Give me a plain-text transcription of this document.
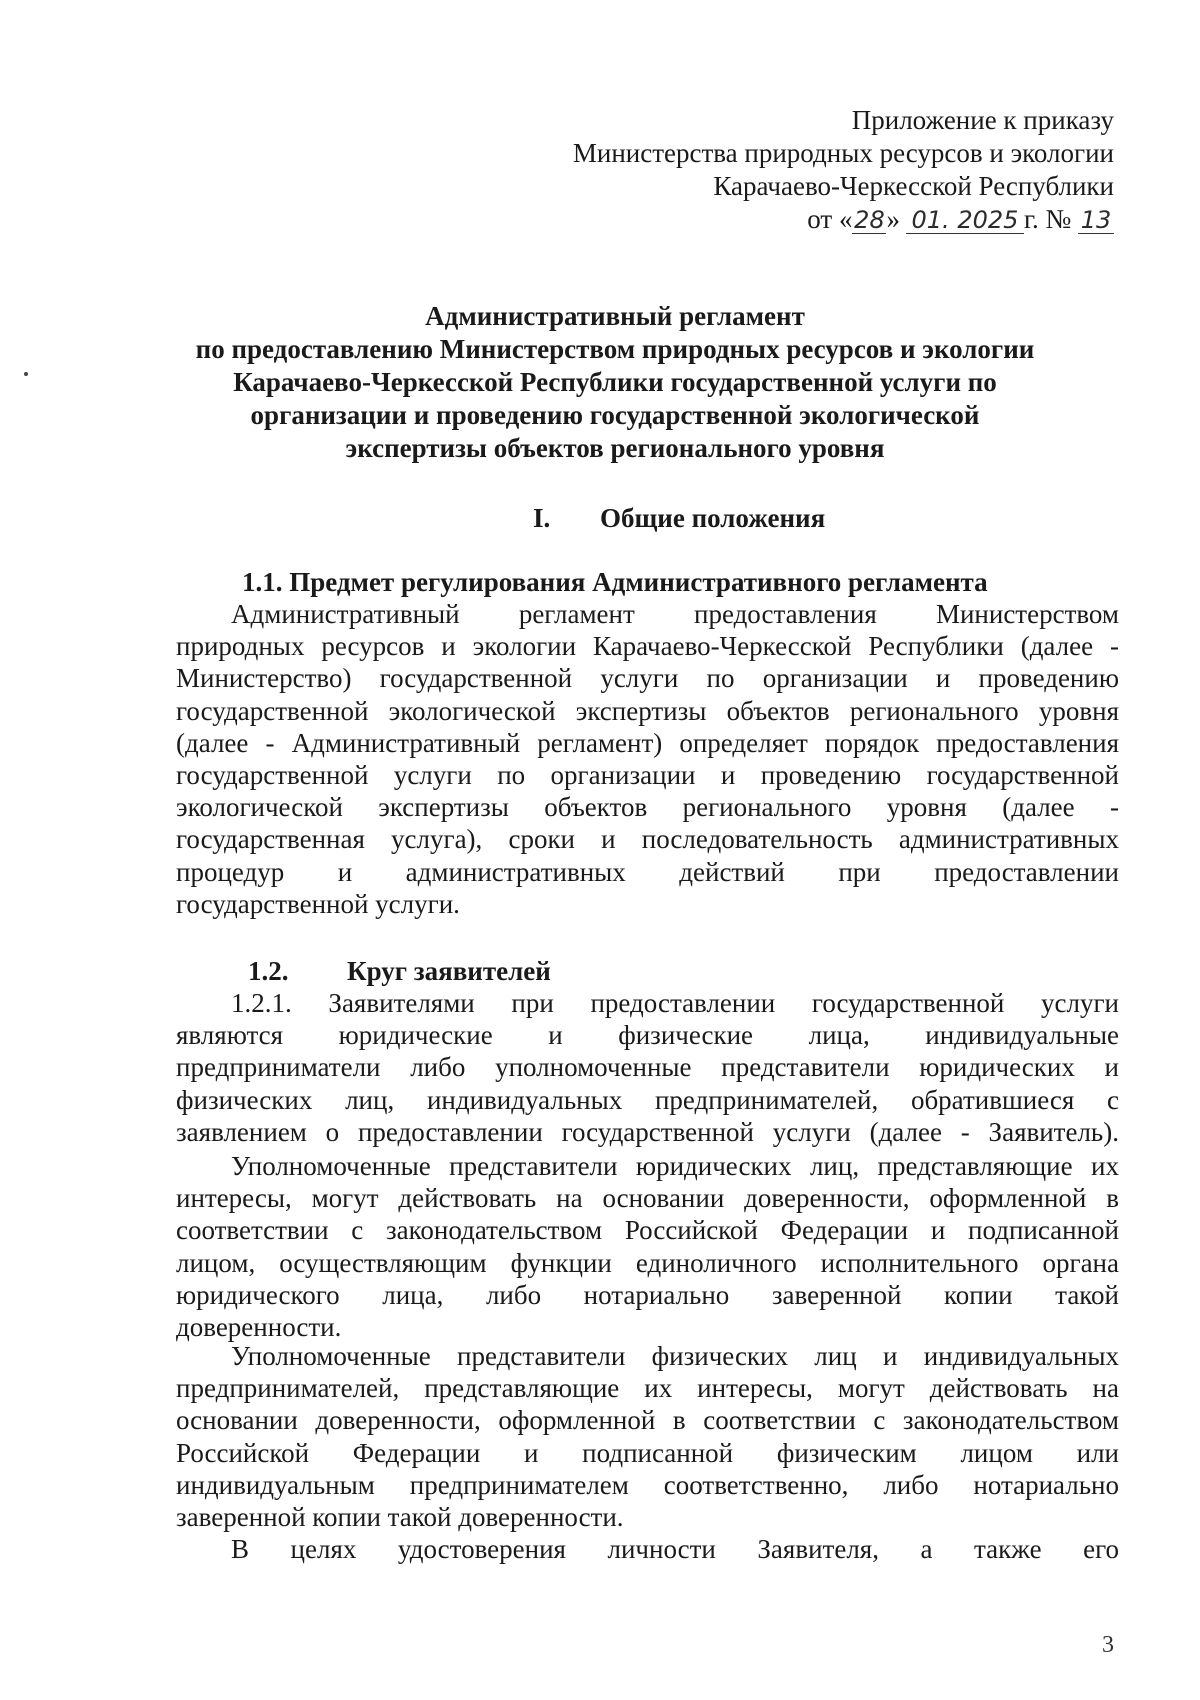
Приложение к приказу
Министерства природных ресурсов и экологии
Карачаево-Черкесской Республики
от «28» 01. 2025 г. № 13
Административный регламент
по предоставлению Министерством природных ресурсов и экологии
Карачаево-Черкесской Республики государственной услуги по
организации и проведению государственной экологической
экспертизы объектов регионального уровня
I. Общие положения
1.1. Предмет регулирования Административного регламента
Административный регламент предоставления Министерством
природных ресурсов и экологии Карачаево-Черкесской Республики (далее -
Министерство) государственной услуги по организации и проведению
государственной экологической экспертизы объектов регионального уровня
(далее - Административный регламент) определяет порядок предоставления
государственной услуги по организации и проведению государственной
экологической экспертизы объектов регионального уровня (далее -
государственная услуга), сроки и последовательность административных
процедур и административных действий при предоставлении
государственной услуги.
1.2. Круг заявителей
1.2.1. Заявителями при предоставлении государственной услуги
являются юридические и физические лица, индивидуальные
предприниматели либо уполномоченные представители юридических и
физических лиц, индивидуальных предпринимателей, обратившиеся с
заявлением о предоставлении государственной услуги (далее - Заявитель).
Уполномоченные представители юридических лиц, представляющие их
интересы, могут действовать на основании доверенности, оформленной в
соответствии с законодательством Российской Федерации и подписанной
лицом, осуществляющим функции единоличного исполнительного органа
юридического лица, либо нотариально заверенной копии такой
доверенности.
Уполномоченные представители физических лиц и индивидуальных
предпринимателей, представляющие их интересы, могут действовать на
основании доверенности, оформленной в соответствии с законодательством
Российской Федерации и подписанной физическим лицом или
индивидуальным предпринимателем соответственно, либо нотариально
заверенной копии такой доверенности.
В целях удостоверения личности Заявителя, а также его
3
